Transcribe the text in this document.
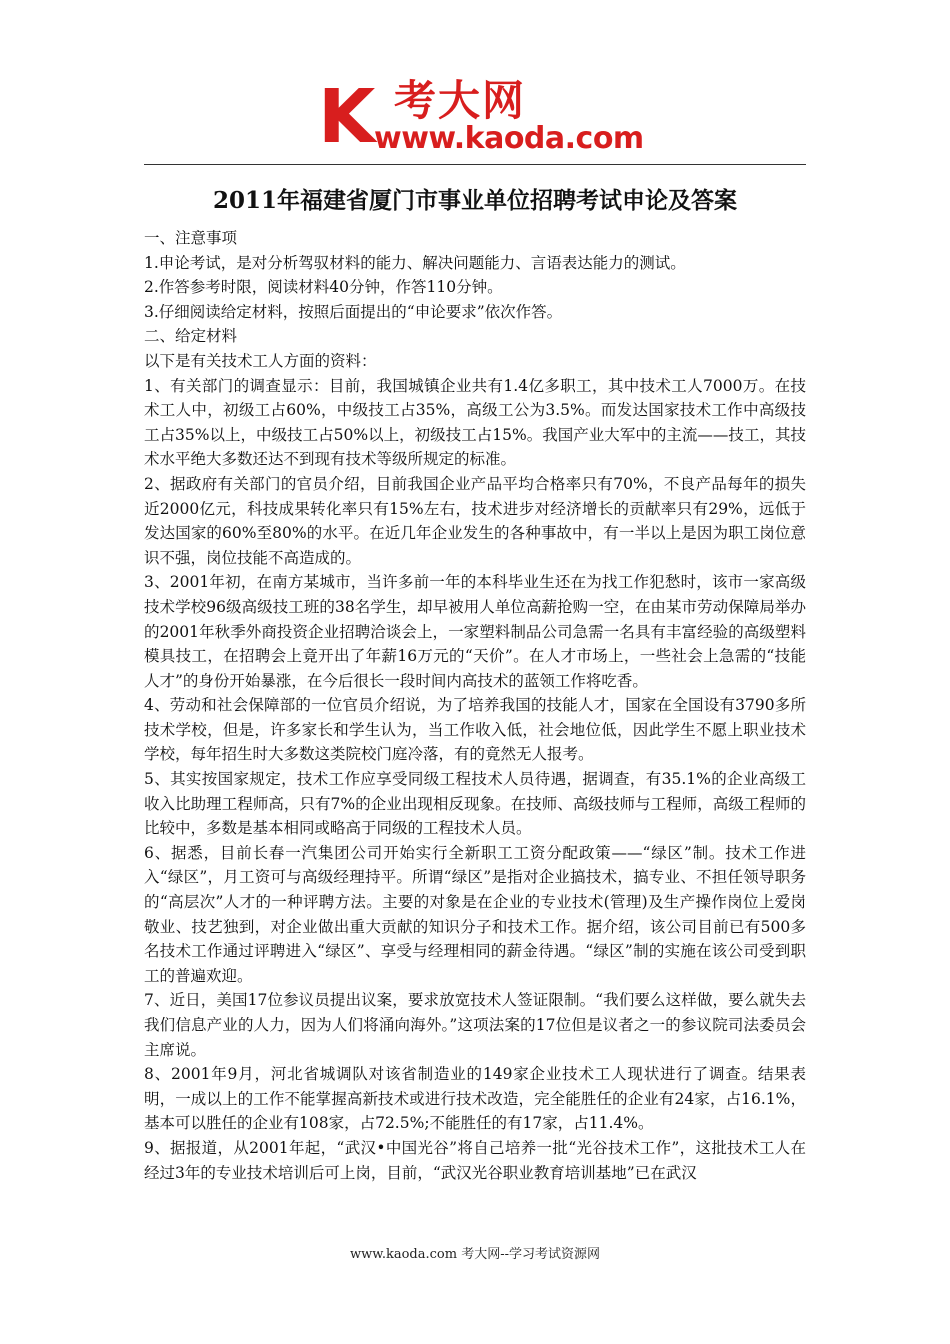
K 考大网
www.kaoda.com
2011年福建省厦门市事业单位招聘考试申论及答案

一、注意事项

1.申论考试，是对分析驾驭材料的能力、解决问题能力、言语表达能力的测试。

2.作答参考时限，阅读材料40分钟，作答110分钟。

3.仔细阅读给定材料，按照后面提出的“申论要求”依次作答。

二、给定材料

以下是有关技术工人方面的资料：

1、有关部门的调查显示：目前，我国城镇企业共有1.4亿多职工，其中技术工人7000万。在技术工人中，初级工占60%，中级技工占35%，高级工公为3.5%。而发达国家技术工作中高级技工占35%以上，中级技工占50%以上，初级技工占15%。我国产业大军中的主流——技工，其技术水平绝大多数还达不到现有技术等级所规定的标准。

2、据政府有关部门的官员介绍，目前我国企业产品平均合格率只有70%，不良产品每年的损失近2000亿元，科技成果转化率只有15%左右，技术进步对经济增长的贡献率只有29%，远低于发达国家的60%至80%的水平。在近几年企业发生的各种事故中，有一半以上是因为职工岗位意识不强，岗位技能不高造成的。

3、2001年初，在南方某城市，当许多前一年的本科毕业生还在为找工作犯愁时，该市一家高级技术学校96级高级技工班的38名学生，却早被用人单位高薪抢购一空，在由某市劳动保障局举办的2001年秋季外商投资企业招聘洽谈会上，一家塑料制品公司急需一名具有丰富经验的高级塑料模具技工，在招聘会上竟开出了年薪16万元的“天价”。在人才市场上，一些社会上急需的“技能人才”的身份开始暴涨，在今后很长一段时间内高技术的蓝领工作将吃香。

4、劳动和社会保障部的一位官员介绍说，为了培养我国的技能人才，国家在全国设有3790多所技术学校，但是，许多家长和学生认为，当工作收入低，社会地位低，因此学生不愿上职业技术学校，每年招生时大多数这类院校门庭冷落，有的竟然无人报考。

5、其实按国家规定，技术工作应享受同级工程技术人员待遇，据调查，有35.1%的企业高级工收入比助理工程师高，只有7%的企业出现相反现象。在技师、高级技师与工程师，高级工程师的比较中，多数是基本相同或略高于同级的工程技术人员。

6、据悉，目前长春一汽集团公司开始实行全新职工工资分配政策——“绿区”制。技术工作进入“绿区”，月工资可与高级经理持平。所谓“绿区”是指对企业搞技术，搞专业、不担任领导职务的“高层次”人才的一种评聘方法。主要的对象是在企业的专业技术(管理)及生产操作岗位上爱岗敬业、技艺独到，对企业做出重大贡献的知识分子和技术工作。据介绍，该公司目前已有500多名技术工作通过评聘进入“绿区”、享受与经理相同的薪金待遇。“绿区”制的实施在该公司受到职工的普遍欢迎。

7、近日，美国17位参议员提出议案，要求放宽技术人签证限制。“我们要么这样做，要么就失去我们信息产业的人力，因为人们将涌向海外。”这项法案的17位但是议者之一的参议院司法委员会主席说。

8、2001年9月，河北省城调队对该省制造业的149家企业技术工人现状进行了调查。结果表明，一成以上的工作不能掌握高新技术或进行技术改造，完全能胜任的企业有24家，占16.1%，基本可以胜任的企业有108家，占72.5%;不能胜任的有17家，占11.4%。

9、据报道，从2001年起，“武汉•中国光谷”将自己培养一批“光谷技术工作”，这批技术工人在经过3年的专业技术培训后可上岗，目前，“武汉光谷职业教育培训基地”已在武汉

www.kaoda.com 考大网--学习考试资源网
